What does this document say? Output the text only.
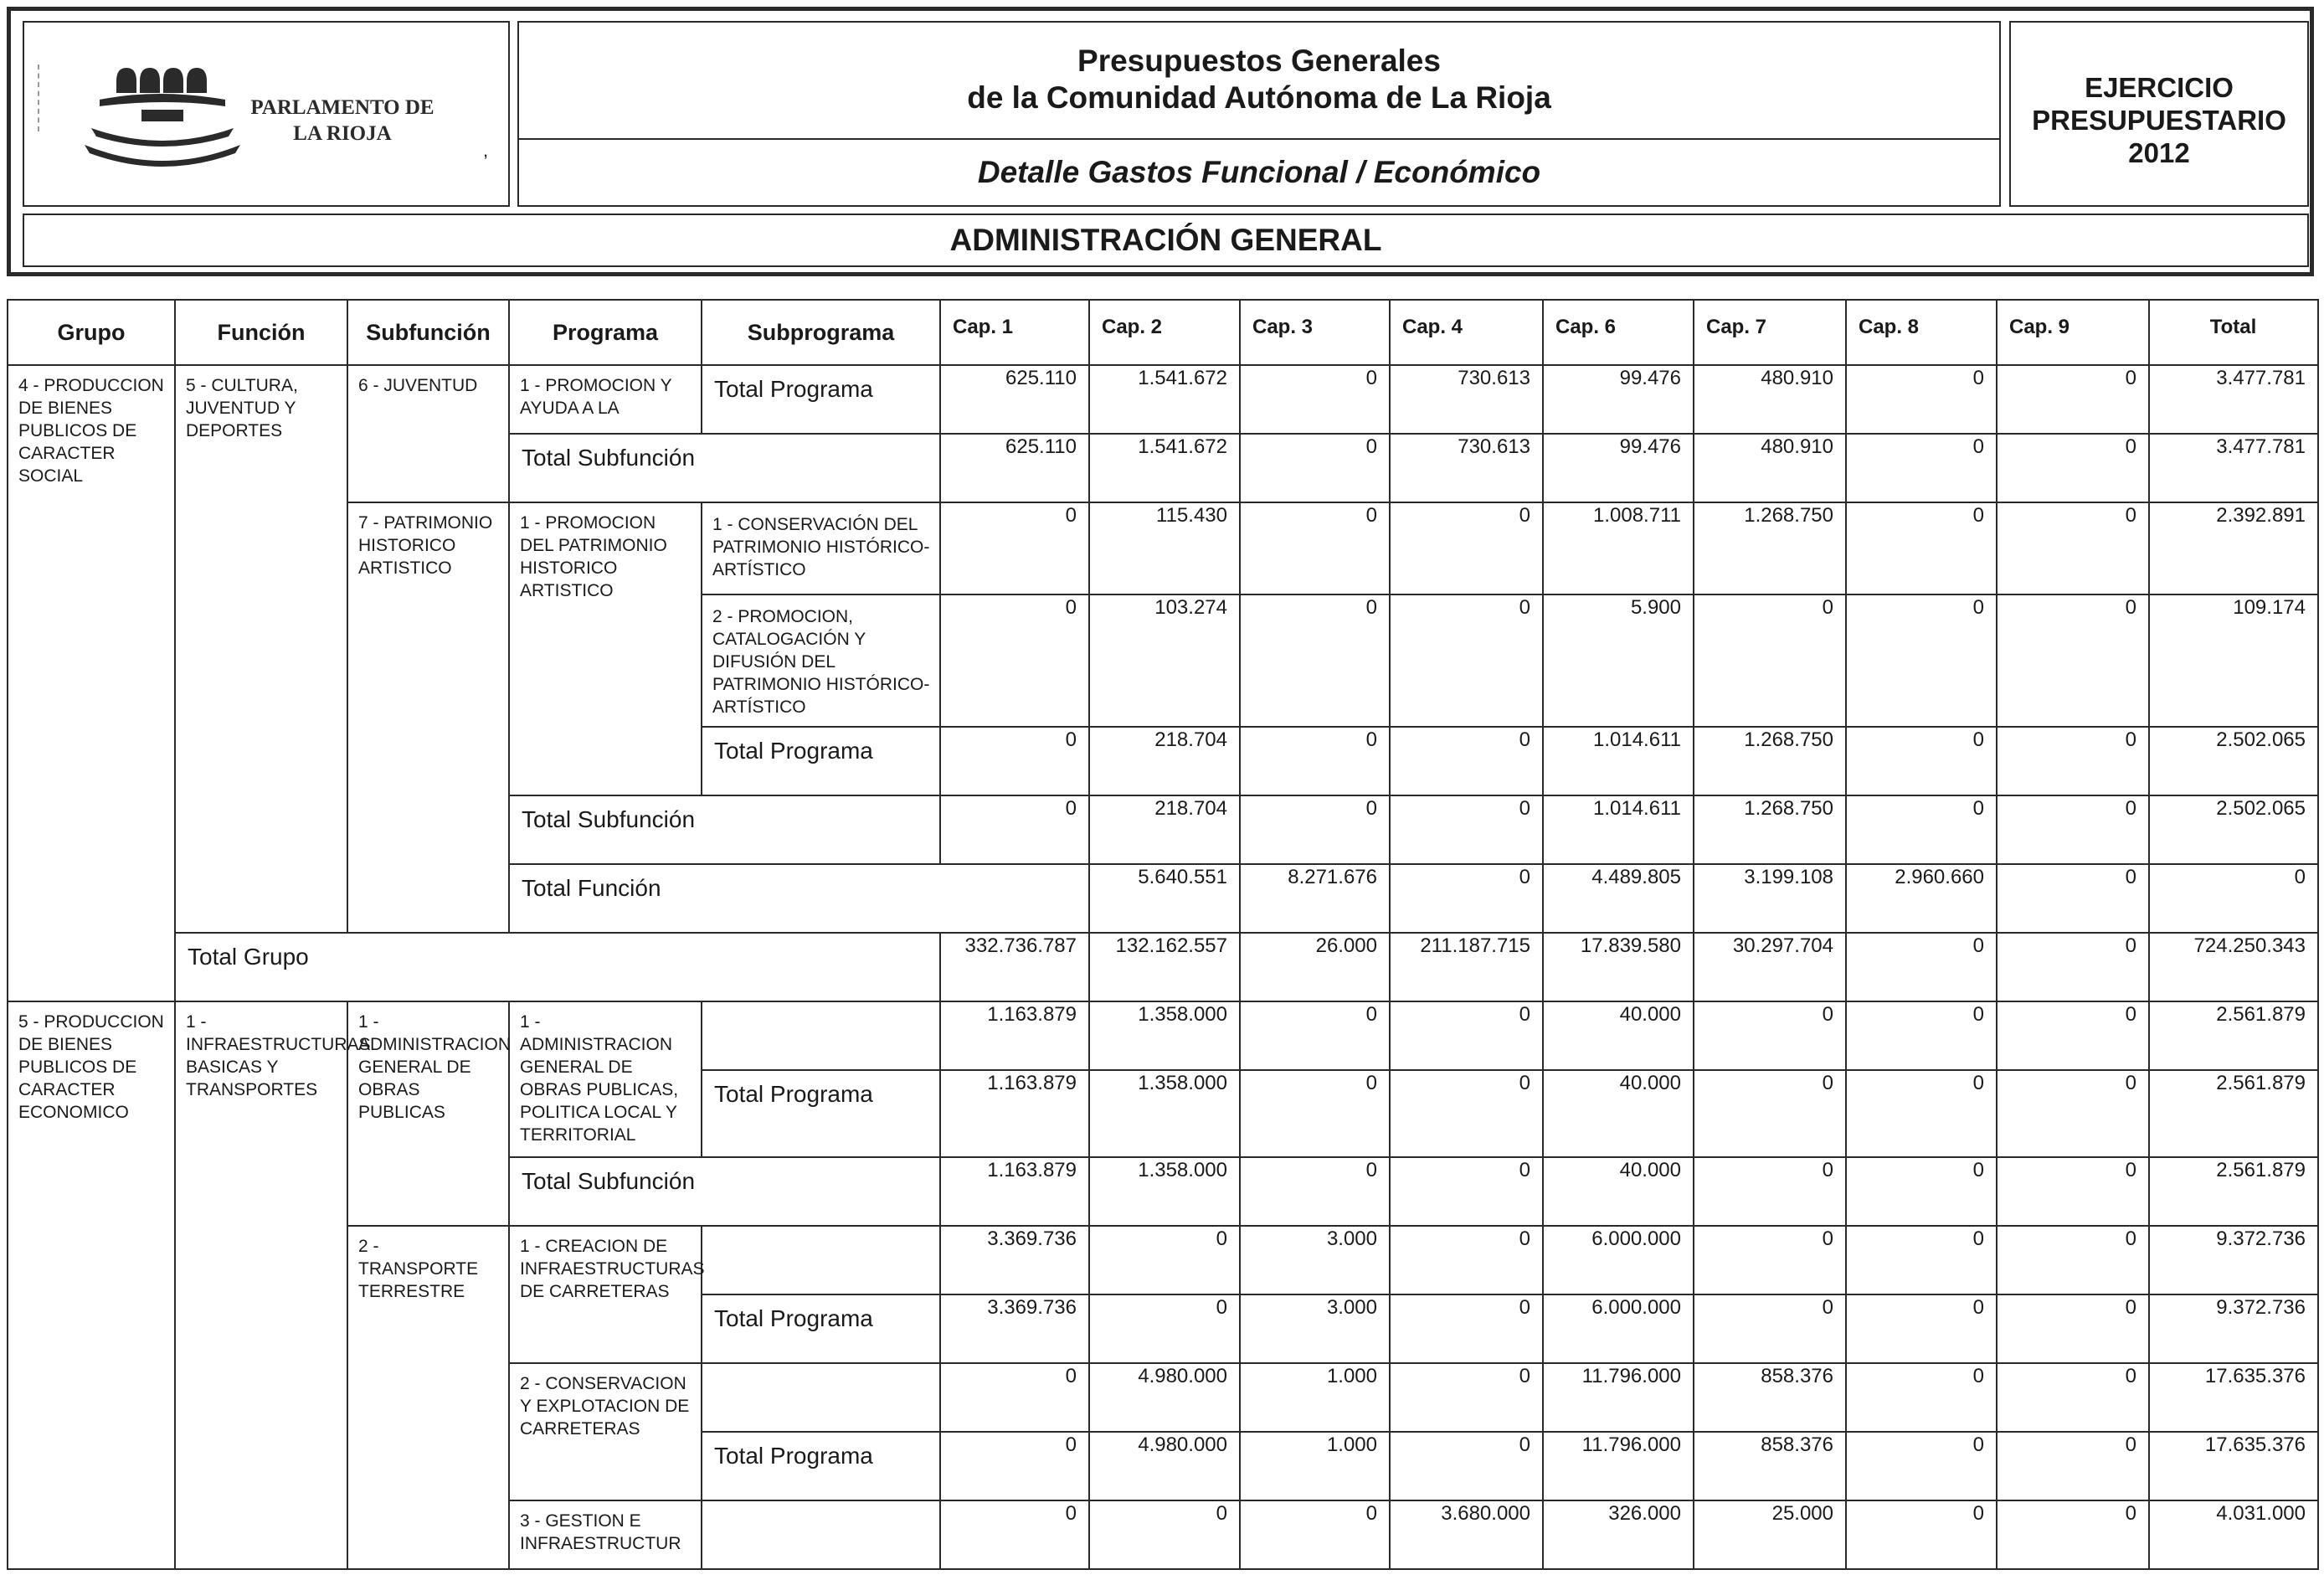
PARLAMENTO DE
LA RIOJA
,
Presupuestos Generales
de la Comunidad Autónoma de La Rioja
Detalle Gastos Funcional / Económico
EJERCICIO
PRESUPUESTARIO
2012
ADMINISTRACIÓN GENERAL
Grupo	Función	Subfunción	Programa	Subprograma	Cap. 1	Cap. 2	Cap. 3	Cap. 4	Cap. 6	Cap. 7	Cap. 8	Cap. 9	Total	
4 - PRODUCCION DE BIENES PUBLICOS DE CARACTER SOCIAL	5 - CULTURA, JUVENTUD Y DEPORTES	6 - JUVENTUD	1 - PROMOCION Y AYUDA A LA	Total Programa	625.110	1.541.672	0	730.613	99.476	480.910	0	0	3.477.781	
			Total Subfunción		625.110	1.541.672	0	730.613	99.476	480.910	0	0	3.477.781	
		7 - PATRIMONIO HISTORICO ARTISTICO	1 - PROMOCION DEL PATRIMONIO HISTORICO ARTISTICO	1 - CONSERVACIÓN DEL PATRIMONIO HISTÓRICO-ARTÍSTICO	0	115.430	0	0	1.008.711	1.268.750	0	0	2.392.891	
				2 - PROMOCION, CATALOGACIÓN Y DIFUSIÓN DEL PATRIMONIO HISTÓRICO-ARTÍSTICO	0	103.274	0	0	5.900	0	0	0	109.174	
				Total Programa	0	218.704	0	0	1.014.611	1.268.750	0	0	2.502.065	
			Total Subfunción		0	218.704	0	0	1.014.611	1.268.750	0	0	2.502.065	
			Total Función			5.640.551	8.271.676	0	4.489.805	3.199.108	2.960.660	0	0	
	Total Grupo				332.736.787	132.162.557	26.000	211.187.715	17.839.580	30.297.704	0	0	724.250.343	
5 - PRODUCCION DE BIENES PUBLICOS DE CARACTER ECONOMICO	1 - INFRAESTRUCTURAS BASICAS Y TRANSPORTES	1 - ADMINISTRACION GENERAL DE OBRAS PUBLICAS	1 - ADMINISTRACION GENERAL DE OBRAS PUBLICAS, POLITICA LOCAL Y TERRITORIAL		1.163.879	1.358.000	0	0	40.000	0	0	0	2.561.879	
				Total Programa	1.163.879	1.358.000	0	0	40.000	0	0	0	2.561.879	
			Total Subfunción		1.163.879	1.358.000	0	0	40.000	0	0	0	2.561.879	
		2 - TRANSPORTE TERRESTRE	1 - CREACION DE INFRAESTRUCTURAS DE CARRETERAS		3.369.736	0	3.000	0	6.000.000	0	0	0	9.372.736	
				Total Programa	3.369.736	0	3.000	0	6.000.000	0	0	0	9.372.736	
			2 - CONSERVACION Y EXPLOTACION DE CARRETERAS		0	4.980.000	1.000	0	11.796.000	858.376	0	0	17.635.376	
				Total Programa	0	4.980.000	1.000	0	11.796.000	858.376	0	0	17.635.376	
			3 - GESTION E INFRAESTRUCTUR		0	0	0	3.680.000	326.000	25.000	0	0	4.031.000	
